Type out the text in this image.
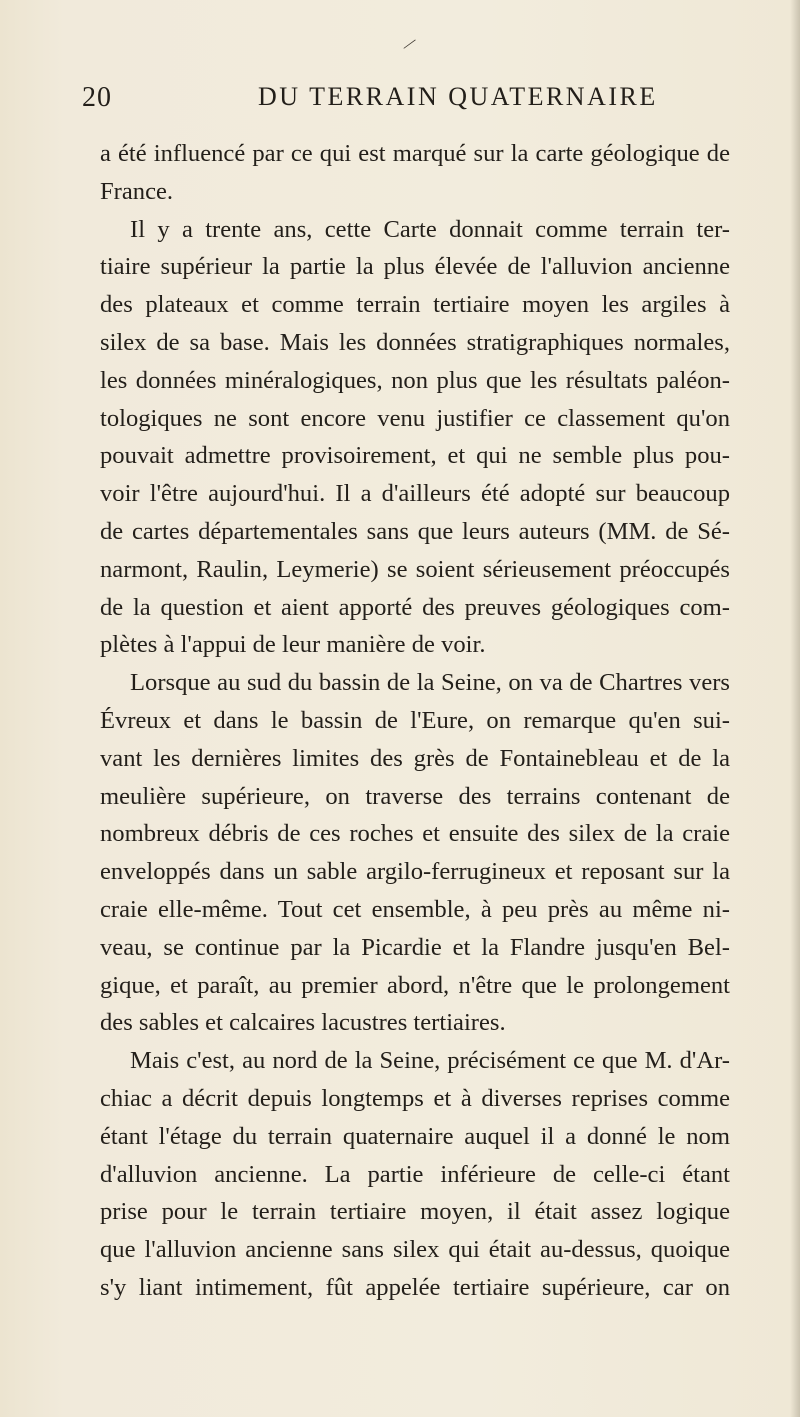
∕
20	DU TERRAIN QUATERNAIRE
a été influencé par ce qui est marqué sur la carte géologique de
France.
Il y a trente ans, cette Carte donnait comme terrain ter-
tiaire supérieur la partie la plus élevée de l'alluvion ancienne
des plateaux et comme terrain tertiaire moyen les argiles à
silex de sa base. Mais les données stratigraphiques normales,
les données minéralogiques, non plus que les résultats paléon-
tologiques ne sont encore venu justifier ce classement qu'on
pouvait admettre provisoirement, et qui ne semble plus pou-
voir l'être aujourd'hui. Il a d'ailleurs été adopté sur beaucoup
de cartes départementales sans que leurs auteurs (MM. de Sé-
narmont, Raulin, Leymerie) se soient sérieusement préoccupés
de la question et aient apporté des preuves géologiques com-
plètes à l'appui de leur manière de voir.
Lorsque au sud du bassin de la Seine, on va de Chartres vers
Évreux et dans le bassin de l'Eure, on remarque qu'en sui-
vant les dernières limites des grès de Fontainebleau et de la
meulière supérieure, on traverse des terrains contenant de
nombreux débris de ces roches et ensuite des silex de la craie
enveloppés dans un sable argilo-ferrugineux et reposant sur la
craie elle-même. Tout cet ensemble, à peu près au même ni-
veau, se continue par la Picardie et la Flandre jusqu'en Bel-
gique, et paraît, au premier abord, n'être que le prolongement
des sables et calcaires lacustres tertiaires.
Mais c'est, au nord de la Seine, précisément ce que M. d'Ar-
chiac a décrit depuis longtemps et à diverses reprises comme
étant l'étage du terrain quaternaire auquel il a donné le nom
d'alluvion ancienne. La partie inférieure de celle-ci étant
prise pour le terrain tertiaire moyen, il était assez logique
que l'alluvion ancienne sans silex qui était au-dessus, quoique
s'y liant intimement, fût appelée tertiaire supérieure, car on
